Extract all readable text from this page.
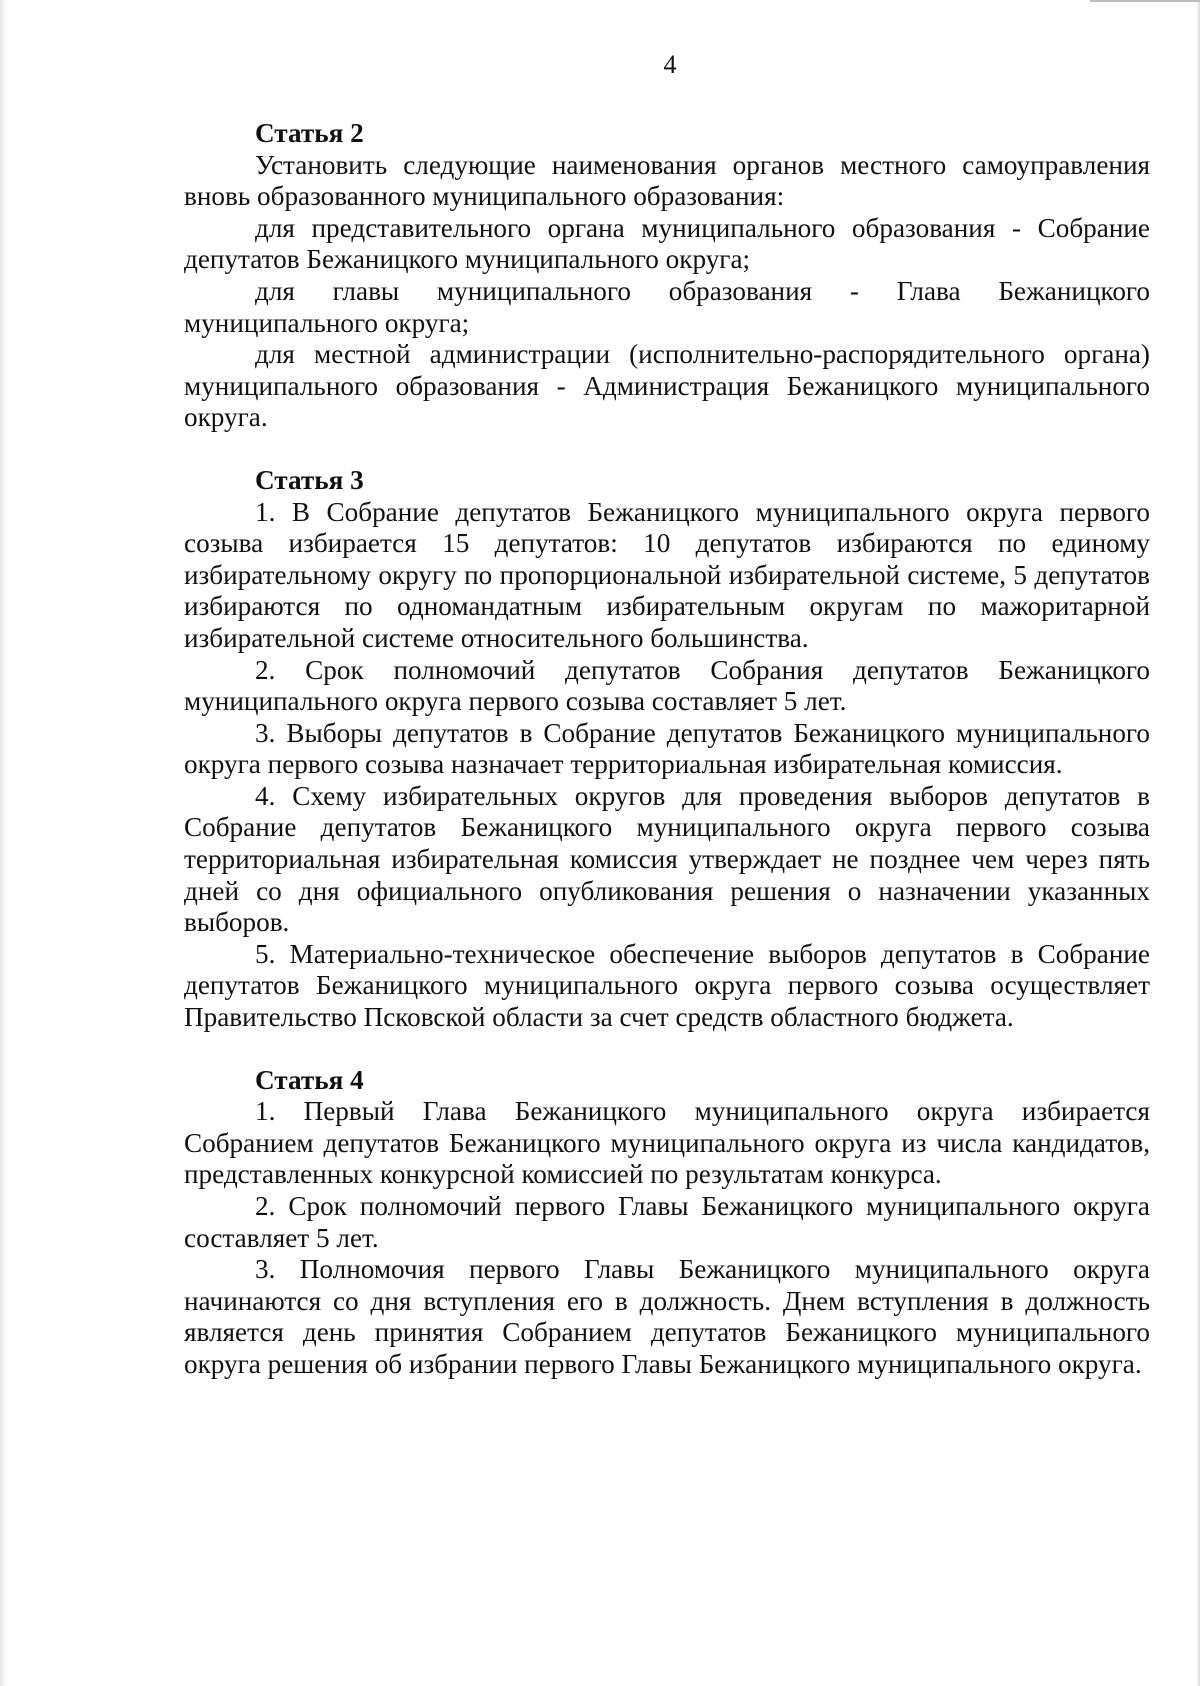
4

Статья 2

Установить следующие наименования органов местного самоуправления вновь образованного муниципального образования:

для представительного органа муниципального образования - Собрание депутатов Бежаницкого муниципального округа;

для главы муниципального образования - Глава Бежаницкого муниципального округа;

для местной администрации (исполнительно-распорядительного органа) муниципального образования - Администрация Бежаницкого муниципального округа.

Статья 3

1. В Собрание депутатов Бежаницкого муниципального округа первого созыва избирается 15 депутатов: 10 депутатов избираются по единому избирательному округу по пропорциональной избирательной системе, 5 депутатов избираются по одномандатным избирательным округам по мажоритарной избирательной системе относительного большинства.

2. Срок полномочий депутатов Собрания депутатов Бежаницкого муниципального округа первого созыва составляет 5 лет.

3. Выборы депутатов в Собрание депутатов Бежаницкого муниципального округа первого созыва назначает территориальная избирательная комиссия.

4. Схему избирательных округов для проведения выборов депутатов в Собрание депутатов Бежаницкого муниципального округа первого созыва территориальная избирательная комиссия утверждает не позднее чем через пять дней со дня официального опубликования решения о назначении указанных выборов.

5. Материально-техническое обеспечение выборов депутатов в Собрание депутатов Бежаницкого муниципального округа первого созыва осуществляет Правительство Псковской области за счет средств областного бюджета.

Статья 4

1. Первый Глава Бежаницкого муниципального округа избирается Собранием депутатов Бежаницкого муниципального округа из числа кандидатов, представленных конкурсной комиссией по результатам конкурса.

2. Срок полномочий первого Главы Бежаницкого муниципального округа составляет 5 лет.

3. Полномочия первого Главы Бежаницкого муниципального округа начинаются со дня вступления его в должность. Днем вступления в должность является день принятия Собранием депутатов Бежаницкого муниципального округа решения об избрании первого Главы Бежаницкого муниципального округа.
